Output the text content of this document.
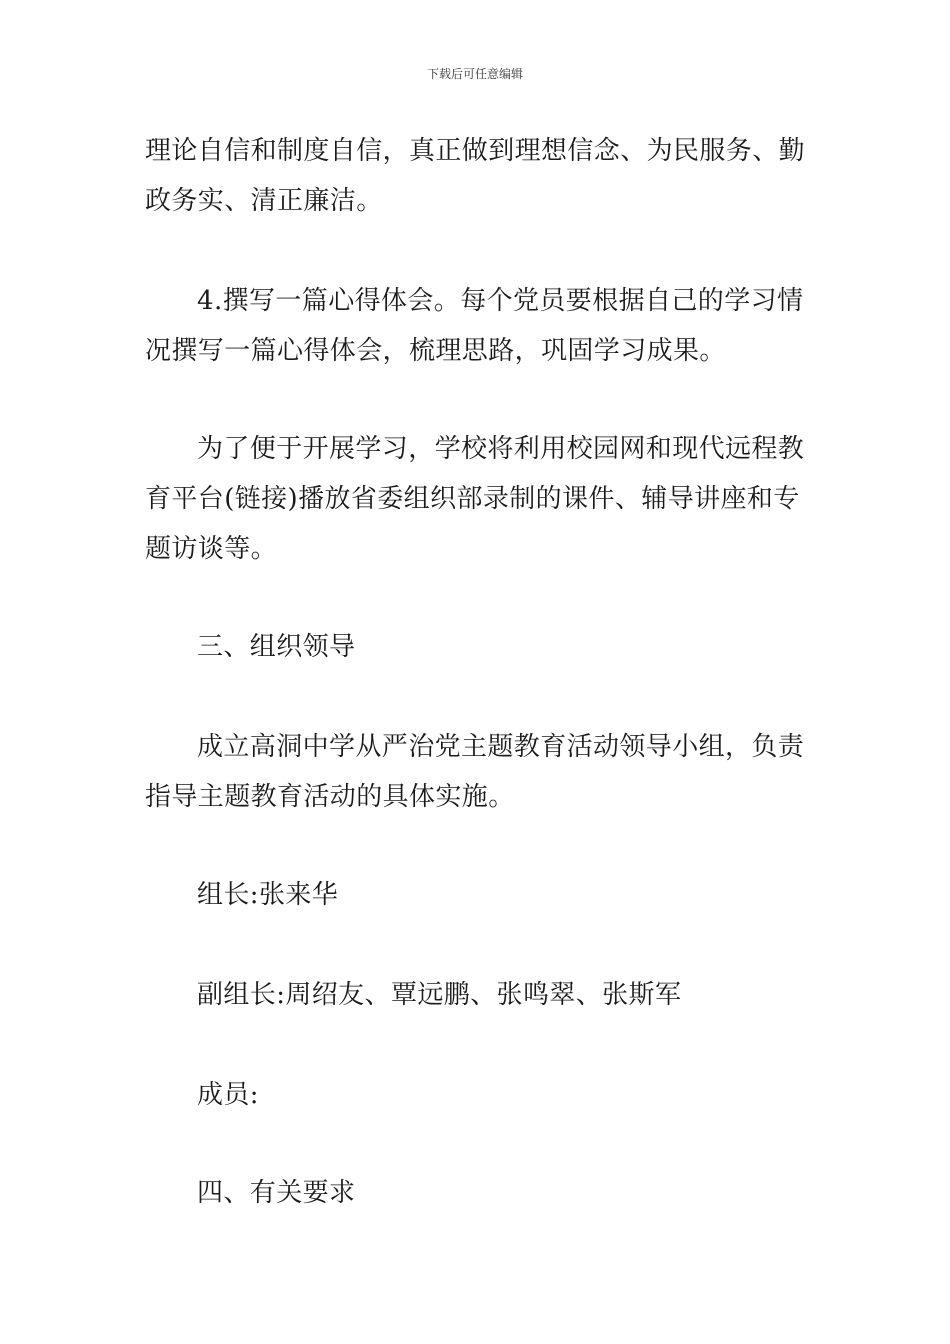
下载后可任意编辑

理论自信和制度自信，真正做到理想信念、为民服务、勤政务实、清正廉洁。

4.撰写一篇心得体会。每个党员要根据自己的学习情况撰写一篇心得体会，梳理思路，巩固学习成果。

为了便于开展学习，学校将利用校园网和现代远程教育平台(链接)播放省委组织部录制的课件、辅导讲座和专题访谈等。

三、组织领导

成立高洞中学从严治党主题教育活动领导小组，负责指导主题教育活动的具体实施。

组长:张来华

副组长:周绍友、覃远鹏、张鸣翠、张斯军

成员:

四、有关要求
